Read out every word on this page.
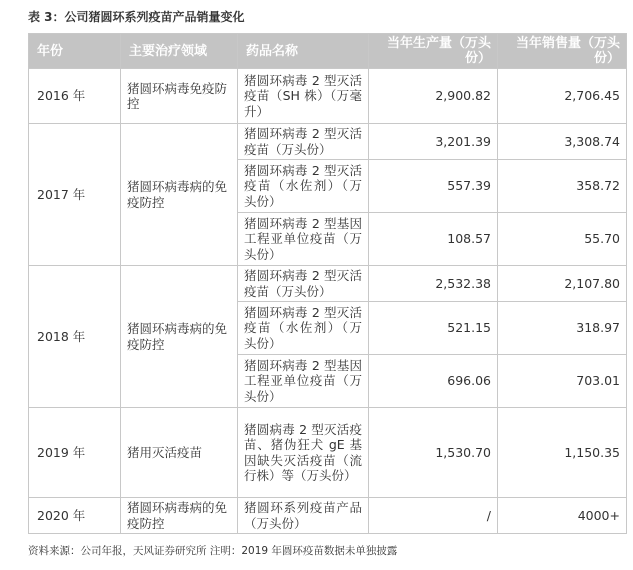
表 3：公司猪圆环系列疫苗产品销量变化
年份	主要治疗领域	药品名称	当年生产量（万头份）	当年销售量（万头份）
2016 年	猪圆环病毒免疫防控	猪圆环病毒 2 型灭活疫苗（SH 株）（万毫升）	2,900.82	2,706.45
2017 年	猪圆环病毒病的免疫防控	猪圆环病毒 2 型灭活疫苗（万头份）	3,201.39	3,308.74
		猪圆环病毒 2 型灭活疫苗（水佐剂）（万头份）	557.39	358.72
		猪圆环病毒 2 型基因工程亚单位疫苗（万头份）	108.57	55.70
2018 年	猪圆环病毒病的免疫防控	猪圆环病毒 2 型灭活疫苗（万头份）	2,532.38	2,107.80
		猪圆环病毒 2 型灭活疫苗（水佐剂）（万头份）	521.15	318.97
		猪圆环病毒 2 型基因工程亚单位疫苗（万头份）	696.06	703.01
2019 年	猪用灭活疫苗	猪圆病毒 2 型灭活疫苗、猪伪狂犬 gE 基因缺失灭活疫苗（流行株）等（万头份）	1,530.70	1,150.35
2020 年	猪圆环病毒病的免疫防控	猪圆环系列疫苗产品（万头份）	/	4000+
资料来源：公司年报，天风证券研究所 注明：2019 年圆环疫苗数据未单独披露
